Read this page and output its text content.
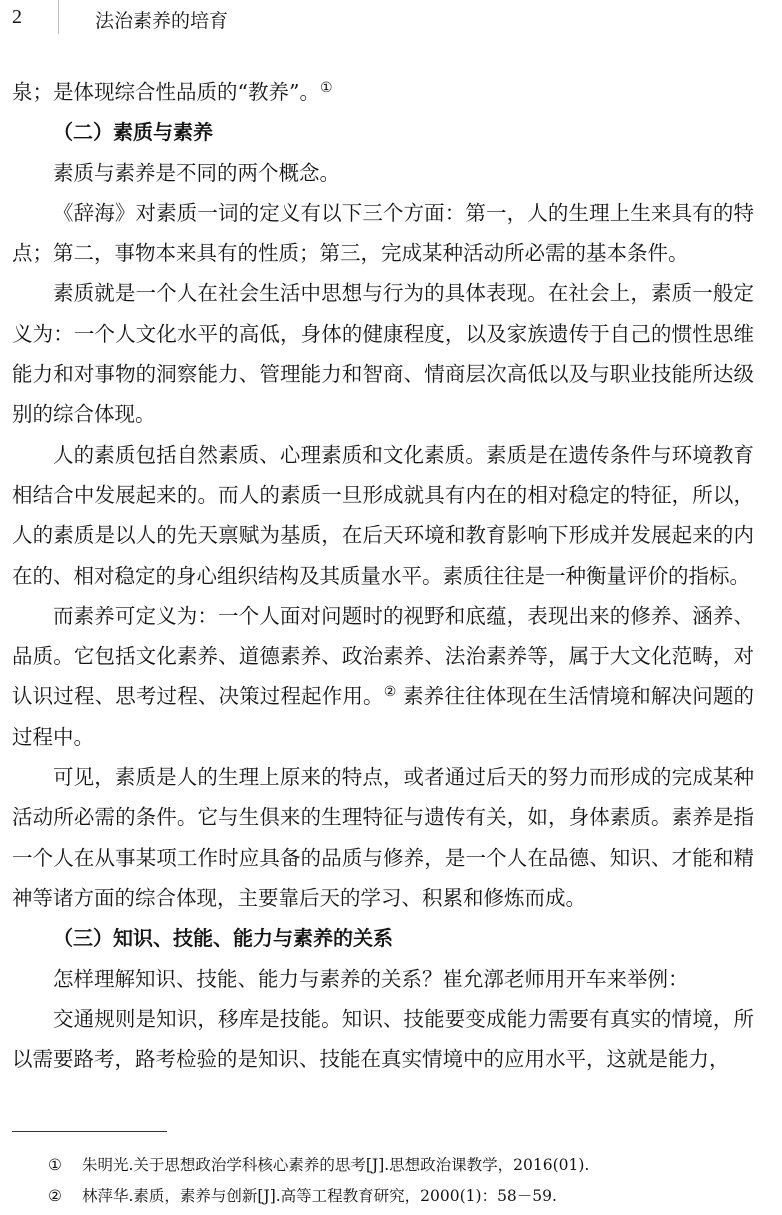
2	法治素养的培育

泉；是体现综合性品质的“教养”。①

（二）素质与素养

素质与素养是不同的两个概念。

《辞海》对素质一词的定义有以下三个方面：第一，人的生理上生来具有的特点；第二，事物本来具有的性质；第三，完成某种活动所必需的基本条件。

素质就是一个人在社会生活中思想与行为的具体表现。在社会上，素质一般定义为：一个人文化水平的高低，身体的健康程度，以及家族遗传于自己的惯性思维能力和对事物的洞察能力、管理能力和智商、情商层次高低以及与职业技能所达级别的综合体现。

人的素质包括自然素质、心理素质和文化素质。素质是在遗传条件与环境教育相结合中发展起来的。而人的素质一旦形成就具有内在的相对稳定的特征，所以，人的素质是以人的先天禀赋为基质，在后天环境和教育影响下形成并发展起来的内在的、相对稳定的身心组织结构及其质量水平。素质往往是一种衡量评价的指标。

而素养可定义为：一个人面对问题时的视野和底蕴，表现出来的修养、涵养、品质。它包括文化素养、道德素养、政治素养、法治素养等，属于大文化范畴，对认识过程、思考过程、决策过程起作用。② 素养往往体现在生活情境和解决问题的过程中。

可见，素质是人的生理上原来的特点，或者通过后天的努力而形成的完成某种活动所必需的条件。它与生俱来的生理特征与遗传有关，如，身体素质。素养是指一个人在从事某项工作时应具备的品质与修养，是一个人在品德、知识、才能和精神等诸方面的综合体现，主要靠后天的学习、积累和修炼而成。

（三）知识、技能、能力与素养的关系

怎样理解知识、技能、能力与素养的关系？崔允漷老师用开车来举例：

交通规则是知识，移库是技能。知识、技能要变成能力需要有真实的情境，所以需要路考，路考检验的是知识、技能在真实情境中的应用水平，这就是能力，

① 朱明光.关于思想政治学科核心素养的思考[J].思想政治课教学，2016(01).
② 林萍华.素质，素养与创新[J].高等工程教育研究，2000(1)：58－59.
